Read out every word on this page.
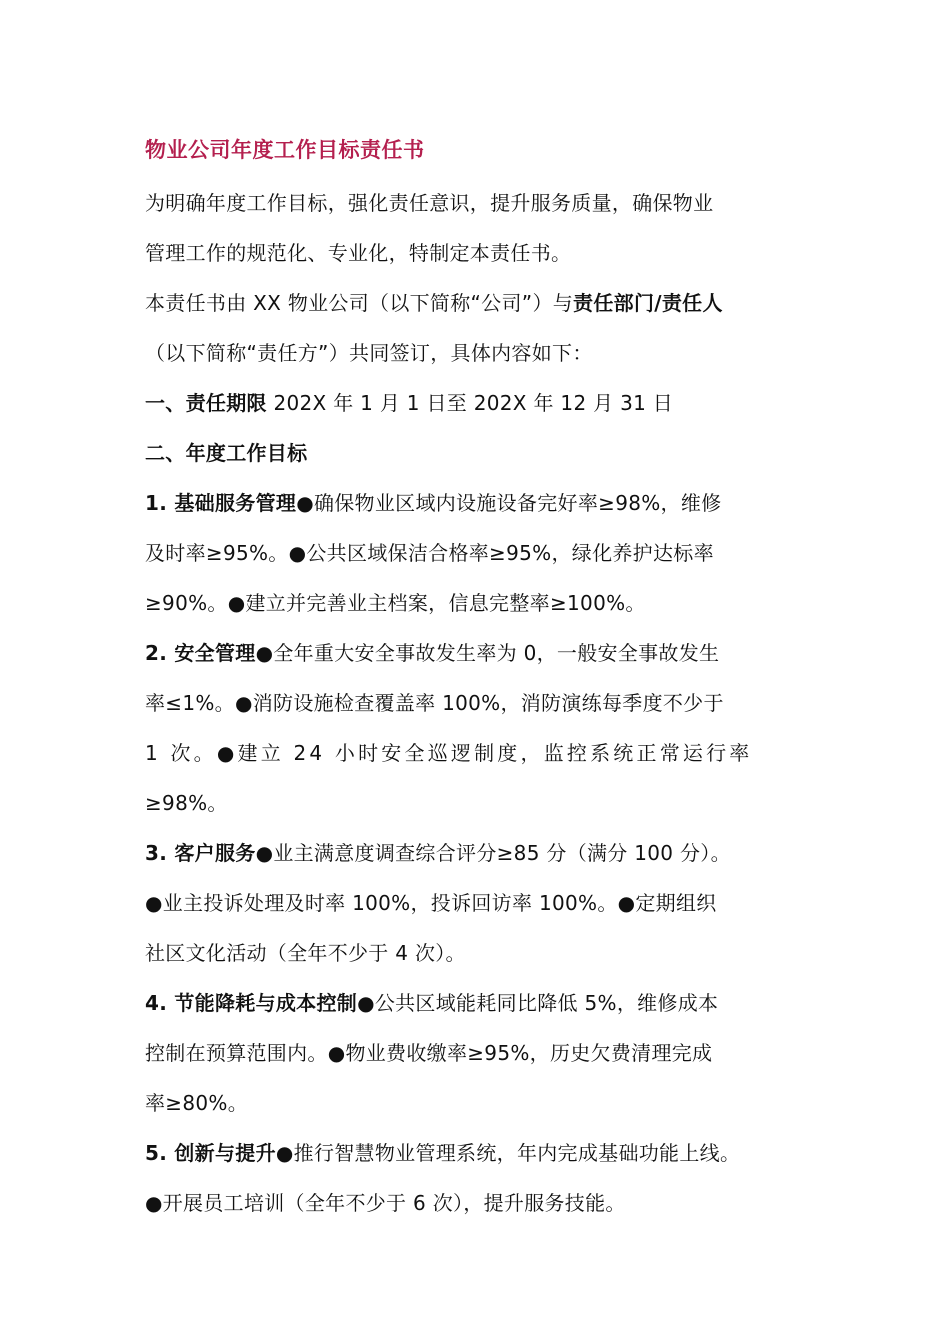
物业公司年度工作目标责任书
为明确年度工作目标，强化责任意识，提升服务质量，确保物业
管理工作的规范化、专业化，特制定本责任书。
本责任书由 XX 物业公司（以下简称“公司”）与责任部门/责任人
（以下简称“责任方”）共同签订，具体内容如下：
一、责任期限 202X 年 1 月 1 日至 202X 年 12 月 31 日
二、年度工作目标
1. 基础服务管理●确保物业区域内设施设备完好率≥98%，维修
及时率≥95%。●公共区域保洁合格率≥95%，绿化养护达标率
≥90%。●建立并完善业主档案，信息完整率≥100%。
2. 安全管理●全年重大安全事故发生率为 0，一般安全事故发生
率≤1%。●消防设施检查覆盖率 100%，消防演练每季度不少于
1 次。●建立 24 小时安全巡逻制度，监控系统正常运行率
≥98%。
3. 客户服务●业主满意度调查综合评分≥85 分（满分 100 分）。
●业主投诉处理及时率 100%，投诉回访率 100%。●定期组织
社区文化活动（全年不少于 4 次）。
4. 节能降耗与成本控制●公共区域能耗同比降低 5%，维修成本
控制在预算范围内。●物业费收缴率≥95%，历史欠费清理完成
率≥80%。
5. 创新与提升●推行智慧物业管理系统，年内完成基础功能上线。
●开展员工培训（全年不少于 6 次），提升服务技能。
